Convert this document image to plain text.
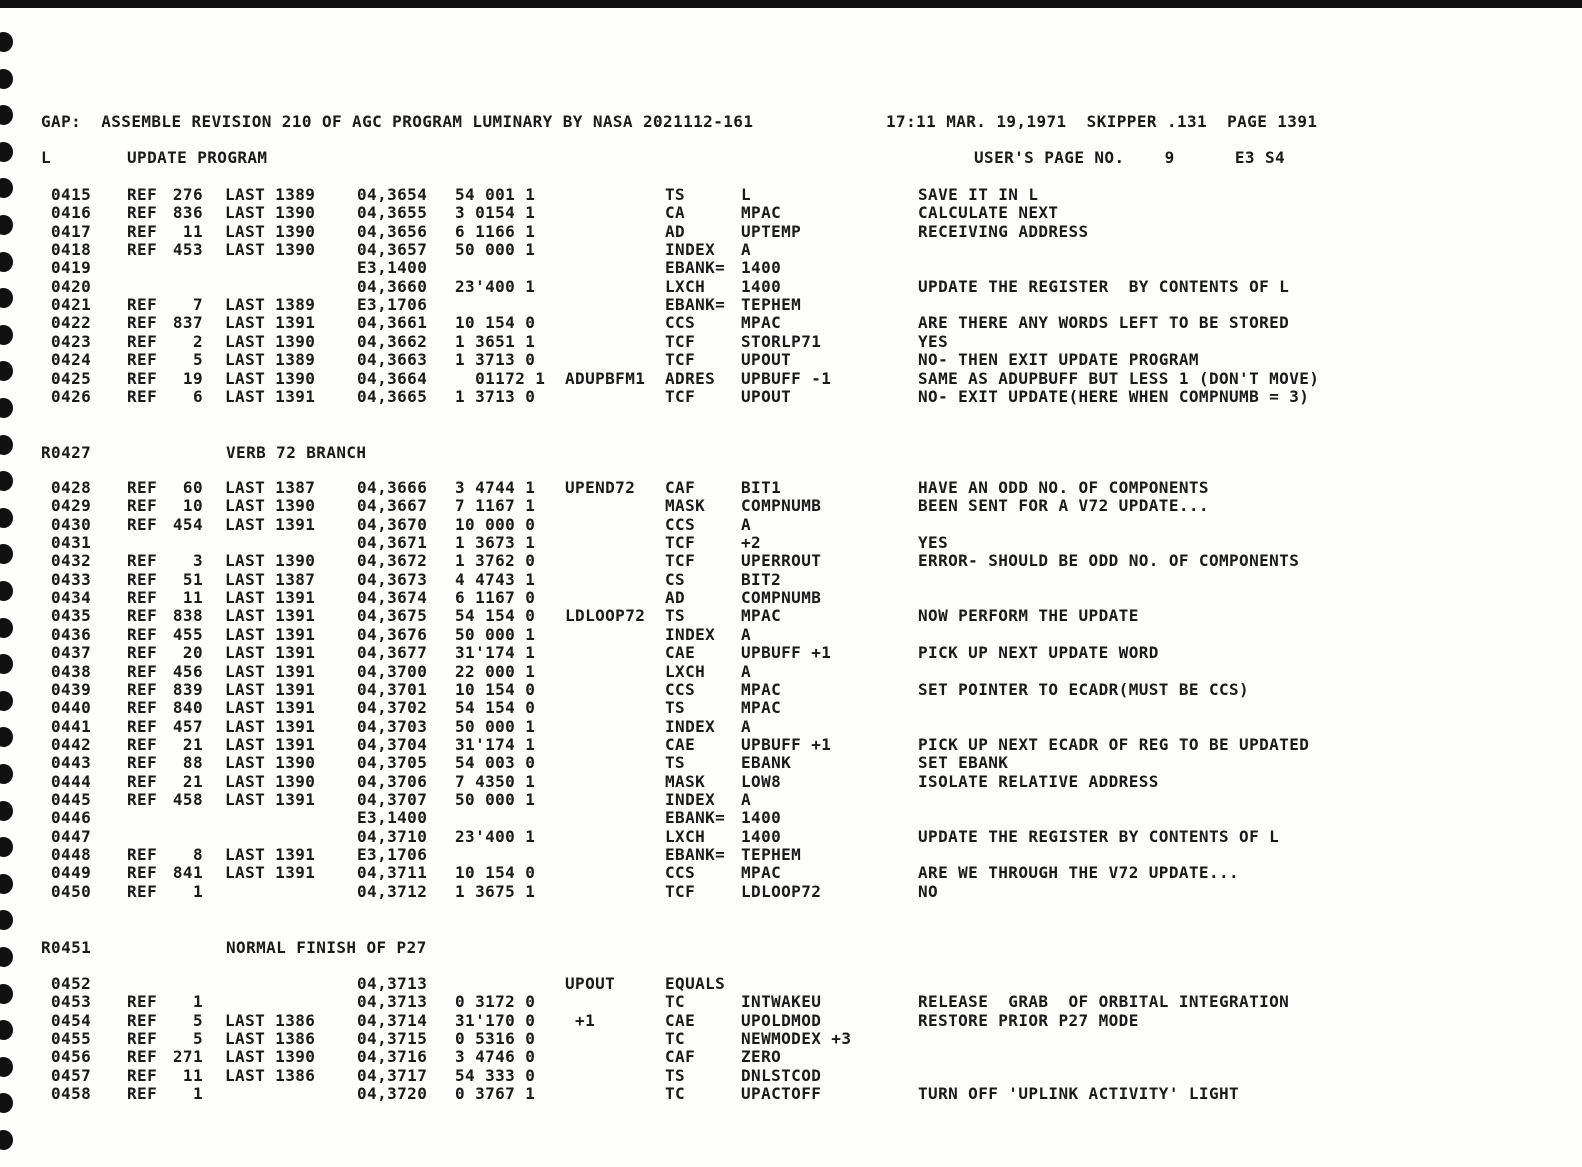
GAP: ASSEMBLE REVISION 210 OF AGC PROGRAM LUMINARY BY NASA 2021112-161	17:11 MAR. 19,1971  SKIPPER .131  PAGE 1391
L	UPDATE PROGRAM	USER'S PAGE NO.	9	E3 S4
0415 REF 276 LAST 1389	04,3654 54 001 1	TS	L	SAVE IT IN L
0416 REF 836 LAST 1390	04,3655 3 0154 1	CA	MPAC	CALCULATE NEXT
0417 REF	11 LAST 1390	04,3656 6 1166 1	AD	UPTEMP	RECEIVING ADDRESS
0418 REF 453 LAST 1390	04,3657 50 000 1	INDEX A
0419	E3,1400	EBANK= 1400
0420	04,3660 23'400 1	LXCH 1400	UPDATE THE REGISTER  BY CONTENTS OF L
0421 REF	7 LAST 1389	E3,1706	EBANK= TEPHEM
0422 REF 837 LAST 1391	04,3661 10 154 0	CCS	MPAC	ARE THERE ANY WORDS LEFT TO BE STORED
0423 REF	2 LAST 1390	04,3662 1 3651 1	TCF	STORLP71	YES
0424 REF	5 LAST 1389	04,3663 1 3713 0	TCF	UPOUT	NO- THEN EXIT UPDATE PROGRAM
0425 REF	19 LAST 1390	04,3664 01172 1 ADUPBFM1 ADRES UPBUFF -1	SAME AS ADUPBUFF BUT LESS 1 (DON'T MOVE)
0426 REF	6 LAST 1391	04,3665 1 3713 0	TCF	UPOUT	NO- EXIT UPDATE(HERE WHEN COMPNUMB = 3)
R0427	VERB 72 BRANCH
0428 REF	60 LAST 1387	04,3666 3 4744 1 UPEND72 CAF	BIT1	HAVE AN ODD NO. OF COMPONENTS
0429 REF	10 LAST 1390	04,3667 7 1167 1	MASK COMPNUMB	BEEN SENT FOR A V72 UPDATE...
0430 REF 454 LAST 1391	04,3670 10 000 0	CCS	A
0431	04,3671 1 3673 1	TCF	+2	YES
0432 REF	3 LAST 1390	04,3672 1 3762 0	TCF	UPERROUT	ERROR- SHOULD BE ODD NO. OF COMPONENTS
0433 REF	51 LAST 1387	04,3673 4 4743 1	CS	BIT2
0434 REF	11 LAST 1391	04,3674 6 1167 0	AD	COMPNUMB
0435 REF 838 LAST 1391	04,3675 54 154 0 LDLOOP72 TS	MPAC	NOW PERFORM THE UPDATE
0436 REF 455 LAST 1391	04,3676 50 000 1	INDEX A
0437 REF	20 LAST 1391	04,3677 31'174 1	CAE	UPBUFF +1	PICK UP NEXT UPDATE WORD
0438 REF 456 LAST 1391	04,3700 22 000 1	LXCH A
0439 REF 839 LAST 1391	04,3701 10 154 0	CCS	MPAC	SET POINTER TO ECADR(MUST BE CCS)
0440 REF 840 LAST 1391	04,3702 54 154 0	TS	MPAC
0441 REF 457 LAST 1391	04,3703 50 000 1	INDEX A
0442 REF	21 LAST 1391	04,3704 31'174 1	CAE	UPBUFF +1	PICK UP NEXT ECADR OF REG TO BE UPDATED
0443 REF	88 LAST 1390	04,3705 54 003 0	TS	EBANK	SET EBANK
0444 REF	21 LAST 1390	04,3706 7 4350 1	MASK LOW8	ISOLATE RELATIVE ADDRESS
0445 REF 458 LAST 1391	04,3707 50 000 1	INDEX A
0446	E3,1400	EBANK= 1400
0447	04,3710 23'400 1	LXCH 1400	UPDATE THE REGISTER BY CONTENTS OF L
0448 REF	8 LAST 1391	E3,1706	EBANK= TEPHEM
0449 REF 841 LAST 1391	04,3711 10 154 0	CCS	MPAC	ARE WE THROUGH THE V72 UPDATE...
0450 REF	1	04,3712 1 3675 1	TCF	LDLOOP72	NO
R0451	NORMAL FINISH OF P27
0452	04,3713	UPOUT	EQUALS
0453 REF	1	04,3713 0 3172 0	TC	INTWAKEU	RELEASE  GRAB  OF ORBITAL INTEGRATION
0454 REF	5 LAST 1386	04,3714 31'170 0 +1	CAE	UPOLDMOD	RESTORE PRIOR P27 MODE
0455 REF	5 LAST 1386	04,3715 0 5316 0	TC	NEWMODEX +3
0456 REF 271 LAST 1390	04,3716 3 4746 0	CAF	ZERO
0457 REF	11 LAST 1386	04,3717 54 333 0	TS	DNLSTCOD
0458 REF	1	04,3720 0 3767 1	TC	UPACTOFF	TURN OFF 'UPLINK ACTIVITY' LIGHT
